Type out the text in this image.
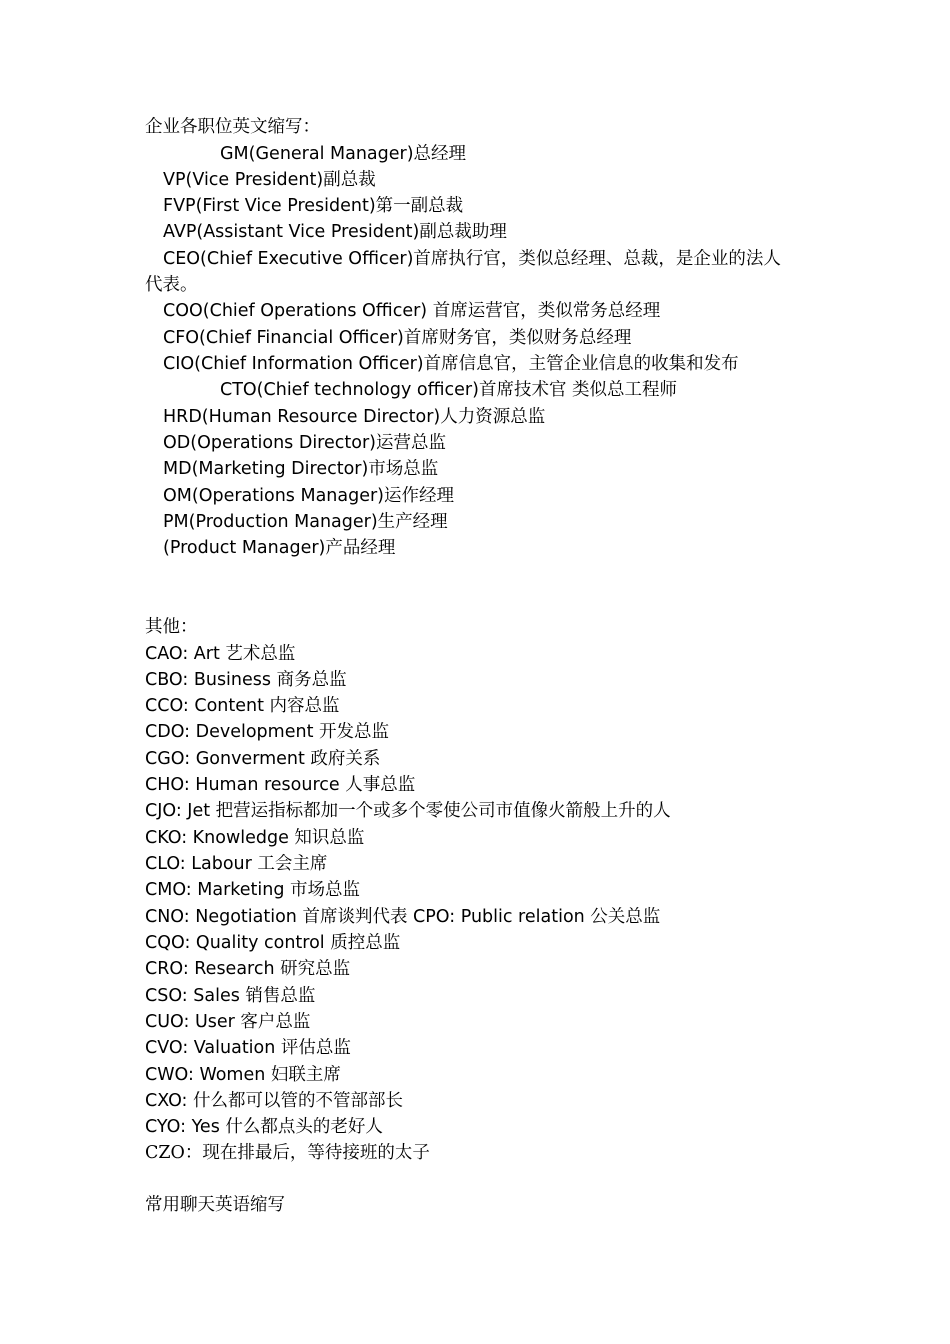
企业各职位英文缩写：
GM(General Manager)总经理
VP(Vice President)副总裁
FVP(First Vice President)第一副总裁
AVP(Assistant Vice President)副总裁助理
CEO(Chief Executive Officer)首席执行官，类似总经理、总裁，是企业的法人
代表。
COO(Chief Operations Officer) 首席运营官，类似常务总经理
CFO(Chief Financial Officer)首席财务官，类似财务总经理
CIO(Chief Information Officer)首席信息官，主管企业信息的收集和发布
CTO(Chief technology officer)首席技术官 类似总工程师
HRD(Human Resource Director)人力资源总监
OD(Operations Director)运营总监
MD(Marketing Director)市场总监
OM(Operations Manager)运作经理
PM(Production Manager)生产经理
(Product Manager)产品经理
其他：
CAO: Art 艺术总监
CBO: Business 商务总监
CCO: Content 内容总监
CDO: Development 开发总监
CGO: Gonverment 政府关系
CHO: Human resource 人事总监
CJO: Jet 把营运指标都加一个或多个零使公司市值像火箭般上升的人
CKO: Knowledge 知识总监
CLO: Labour 工会主席
CMO: Marketing 市场总监
CNO: Negotiation 首席谈判代表 CPO: Public relation 公关总监
CQO: Quality control 质控总监
CRO: Research 研究总监
CSO: Sales 销售总监
CUO: User 客户总监
CVO: Valuation 评估总监
CWO: Women 妇联主席
CXO: 什么都可以管的不管部部长
CYO: Yes 什么都点头的老好人
CZO：现在排最后，等待接班的太子
常用聊天英语缩写
